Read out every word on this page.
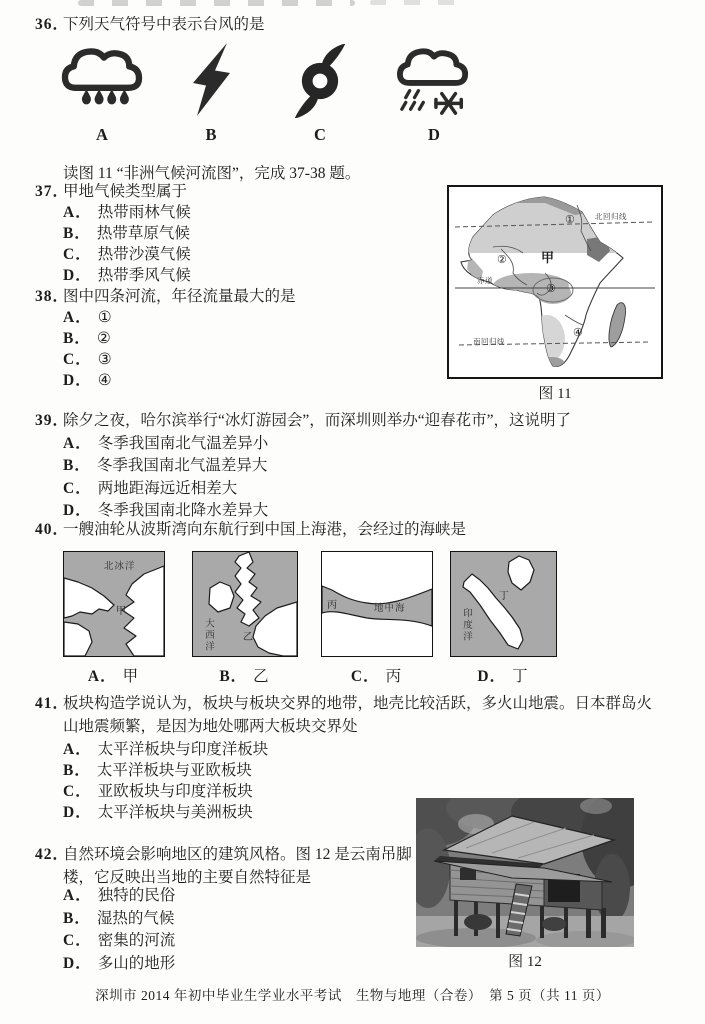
36．
下列天气符号中表示台风的是
A	B	C	D
读图 11 “非洲气候河流图”，完成 37-38 题。
37．
甲地气候类型属于
A． 热带雨林气候
B． 热带草原气候
C． 热带沙漠气候
D． 热带季风气候
38．
图中四条河流，年径流量最大的是
A． ①
B． ②
C． ③
D． ④
北回归线
赤道
南回归线
甲
①
②
③
④
图 11
39．
除夕之夜，哈尔滨举行“冰灯游园会”，而深圳则举办“迎春花市”，这说明了
A． 冬季我国南北气温差异小
B． 冬季我国南北气温差异大
C． 两地距海远近相差大
D． 冬季我国南北降水差异大
40．
一艘油轮从波斯湾向东航行到中国上海港，会经过的海峡是
北冰洋
甲
大西洋	乙
丙	地中海	印度洋
丁
A． 甲	B． 乙	C． 丙	D． 丁
41．
板块构造学说认为，板块与板块交界的地带，地壳比较活跃，多火山地震。日本群岛火山地震频繁，是因为地处哪两大板块交界处
A． 太平洋板块与印度洋板块
B． 太平洋板块与亚欧板块
C． 亚欧板块与印度洋板块
D． 太平洋板块与美洲板块
42．
自然环境会影响地区的建筑风格。图 12 是云南吊脚楼，它反映出当地的主要自然特征是
A． 独特的民俗
B． 湿热的气候
C． 密集的河流
D． 多山的地形	图 12
深圳市 2014 年初中毕业生学业水平考试　生物与地理（合卷）　第 5 页（共 11 页）
